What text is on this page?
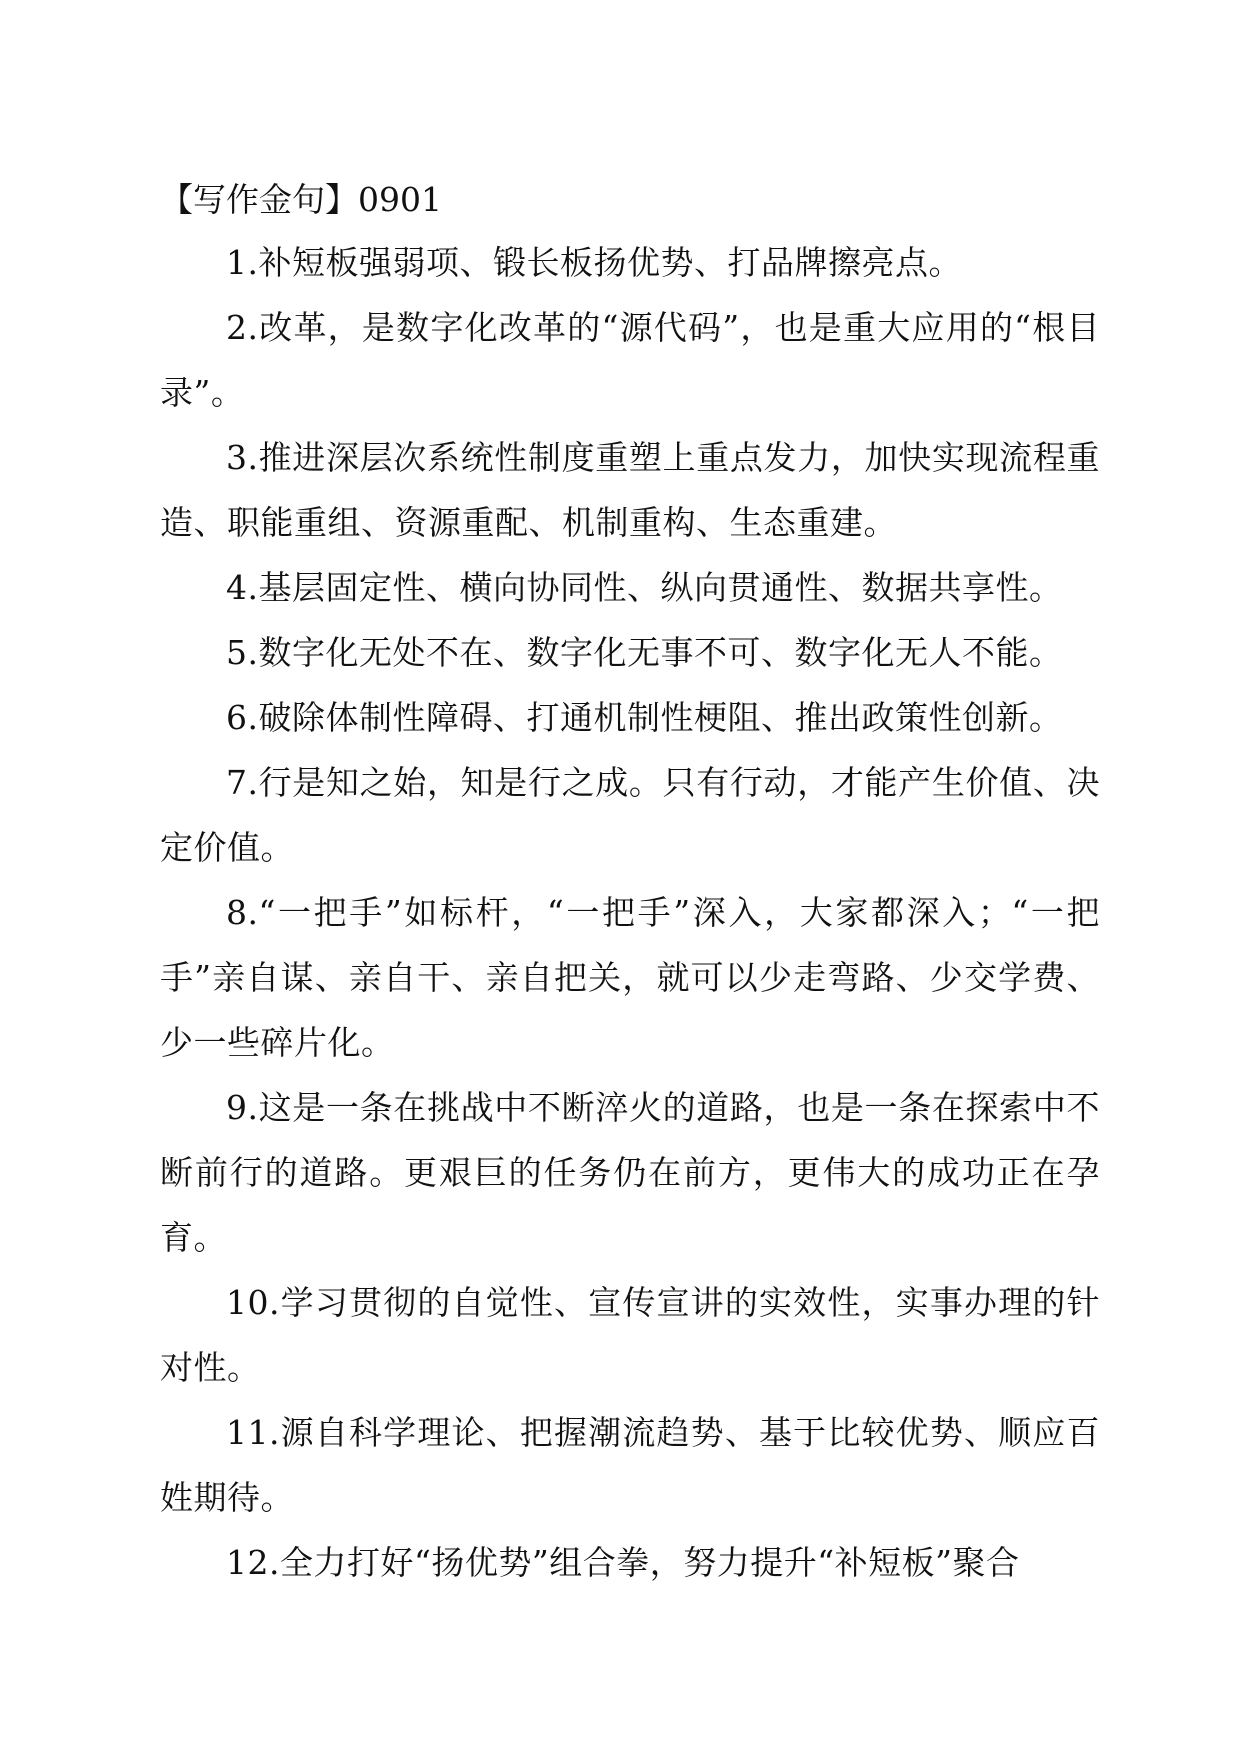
【写作金句】0901
1.补短板强弱项、锻长板扬优势、打品牌擦亮点。
2.改革，是数字化改革的“源代码”，也是重大应用的“根目录”。
3.推进深层次系统性制度重塑上重点发力，加快实现流程重造、职能重组、资源重配、机制重构、生态重建。
4.基层固定性、横向协同性、纵向贯通性、数据共享性。
5.数字化无处不在、数字化无事不可、数字化无人不能。
6.破除体制性障碍、打通机制性梗阻、推出政策性创新。
7.行是知之始，知是行之成。只有行动，才能产生价值、决定价值。
8.“一把手”如标杆，“一把手”深入，大家都深入；“一把手”亲自谋、亲自干、亲自把关，就可以少走弯路、少交学费、少一些碎片化。
9.这是一条在挑战中不断淬火的道路，也是一条在探索中不断前行的道路。更艰巨的任务仍在前方，更伟大的成功正在孕育。
10.学习贯彻的自觉性、宣传宣讲的实效性，实事办理的针对性。
11.源自科学理论、把握潮流趋势、基于比较优势、顺应百姓期待。
12.全力打好“扬优势”组合拳，努力提升“补短板”聚合
